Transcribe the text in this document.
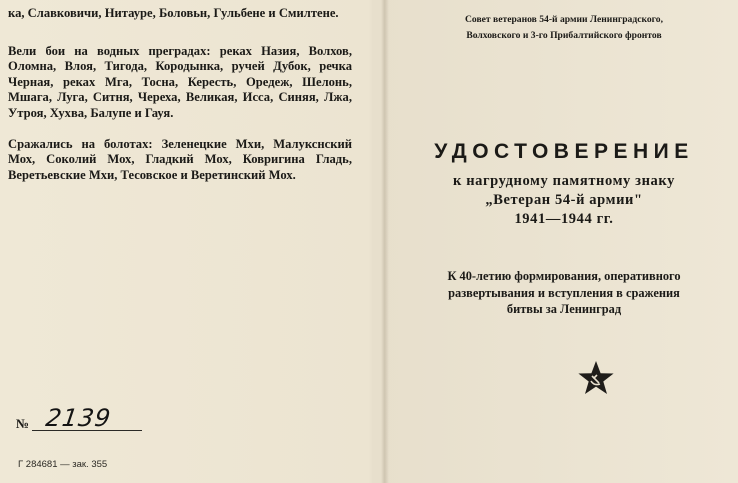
ка, Славковичи, Нитауре, Боловьн, Гульбене и Смилтене.

Вели бои на водных преградах: реках Назия, Волхов, Оломна, Влоя, Тигода, Кородынка, ручей Дубок, речка Черная, реках Мга, Тосна, Кересть, Оредеж, Шелонь, Мшага, Луга, Ситня, Череха, Великая, Исса, Синяя, Лжа, Утроя, Хухва, Балупе и Гауя.

Сражались на болотах: Зеленецкие Мхи, Малукснский Мох, Соколий Мох, Гладкий Мох, Ковригина Гладь, Веретьевские Мхи, Тесовское и Веретинский Мох.

№ 2139
Г 284681 — зак. 355
Совет ветеранов 54-й армии Ленинградского,
Волховского и 3-го Прибалтийского фронтов
УДОСТОВЕРЕНИЕ
к нагрудному памятному знаку
„Ветеран 54-й армии"
1941—1944 гг.
К 40-летию формирования, оперативного
развертывания и вступления в сражения
битвы за Ленинград
